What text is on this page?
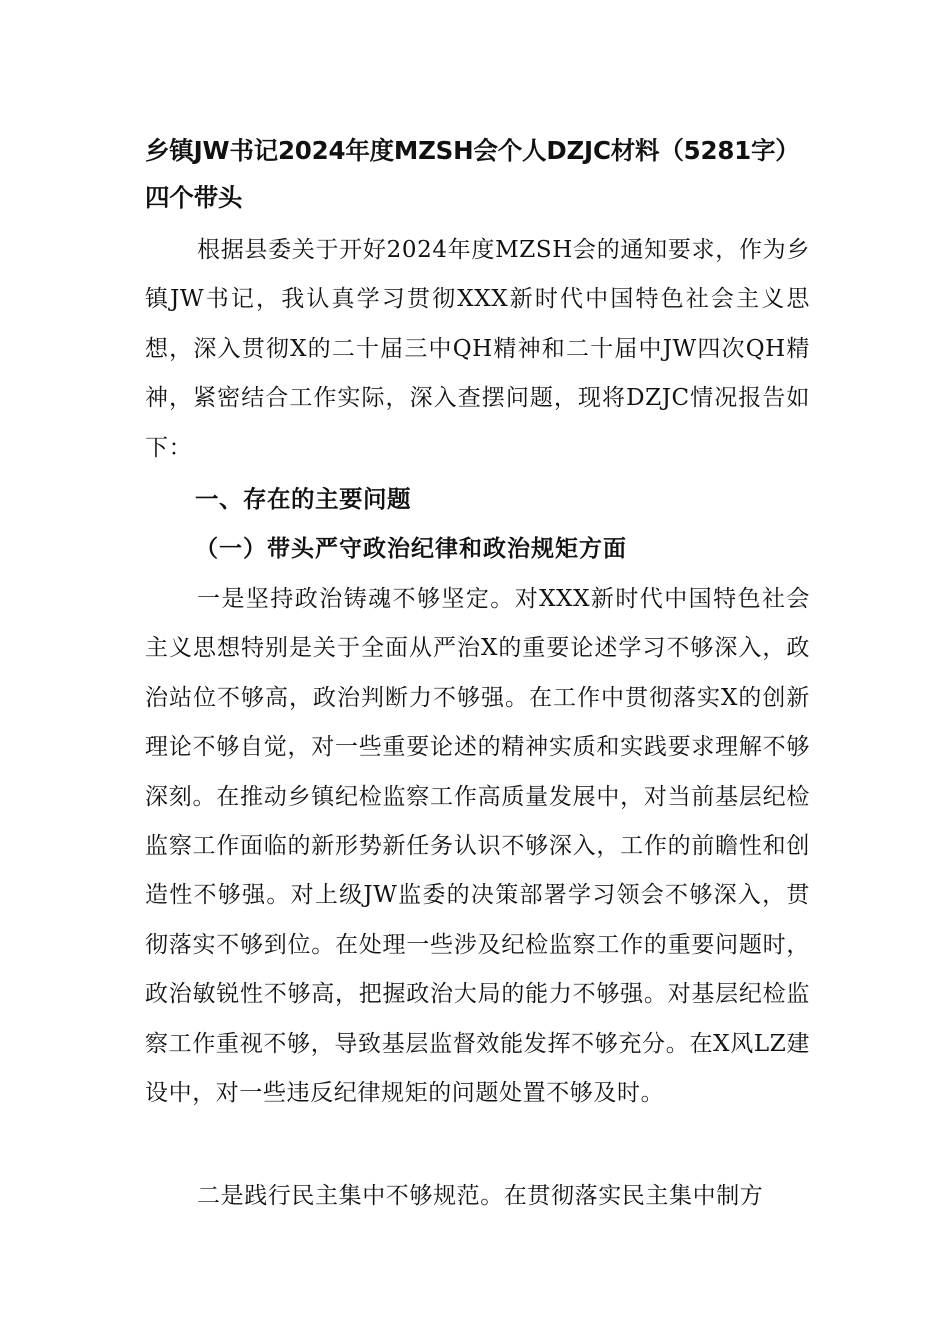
乡镇JW书记2024年度MZSH会个人DZJC材料（5281字）四个带头

根据县委关于开好2024年度MZSH会的通知要求，作为乡镇JW书记，我认真学习贯彻XXX新时代中国特色社会主义思想，深入贯彻X的二十届三中QH精神和二十届中JW四次QH精神，紧密结合工作实际，深入查摆问题，现将DZJC情况报告如下：

一、存在的主要问题
（一）带头严守政治纪律和政治规矩方面

一是坚持政治铸魂不够坚定。对XXX新时代中国特色社会主义思想特别是关于全面从严治X的重要论述学习不够深入，政治站位不够高，政治判断力不够强。在工作中贯彻落实X的创新理论不够自觉，对一些重要论述的精神实质和实践要求理解不够深刻。在推动乡镇纪检监察工作高质量发展中，对当前基层纪检监察工作面临的新形势新任务认识不够深入，工作的前瞻性和创造性不够强。对上级JW监委的决策部署学习领会不够深入，贯彻落实不够到位。在处理一些涉及纪检监察工作的重要问题时，政治敏锐性不够高，把握政治大局的能力不够强。对基层纪检监察工作重视不够，导致基层监督效能发挥不够充分。在X风LZ建设中，对一些违反纪律规矩的问题处置不够及时。

二是践行民主集中不够规范。在贯彻落实民主集中制方
